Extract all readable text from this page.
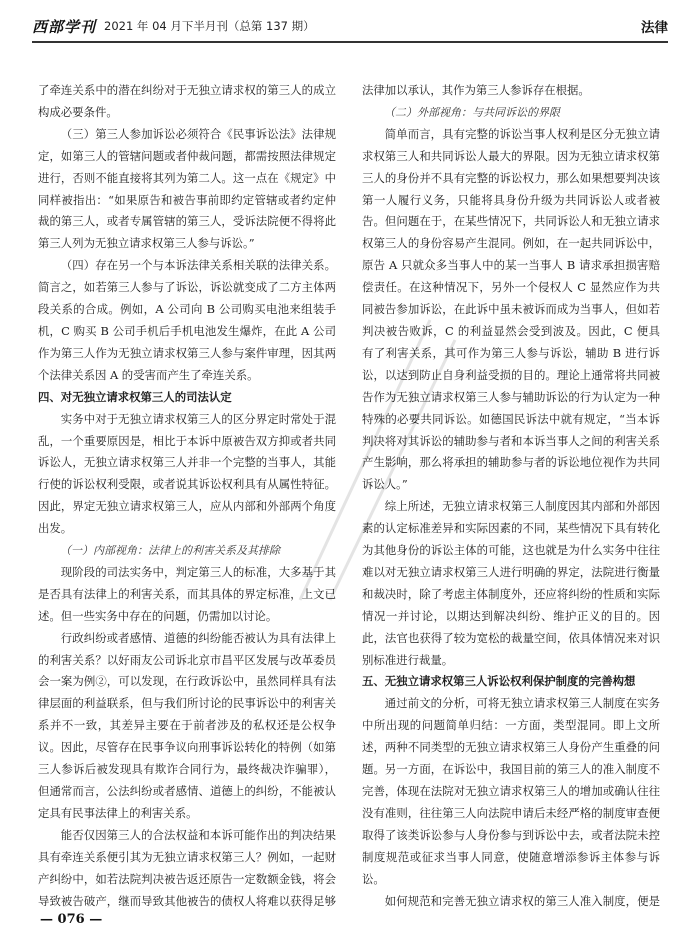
西部学刊 2021 年 04 月下半月刊（总第 137 期）	法律

了牵连关系中的潜在纠纷对于无独立请求权的第三人的成立构成必要条件。

（三）第三人参加诉讼必须符合《民事诉讼法》法律规定，如第三人的管辖问题或者仲裁问题，都需按照法律规定进行，否则不能直接将其列为第二人。这一点在《规定》中同样被指出：“如果原告和被告事前即约定管辖或者约定仲裁的第三人，或者专属管辖的第三人，受诉法院便不得将此第三人列为无独立请求权第三人参与诉讼。”

（四）存在另一个与本诉法律关系相关联的法律关系。简言之，如若第三人参与了诉讼，诉讼就变成了二方主体两段关系的合成。例如，A 公司向 B 公司购买电池来组装手机，C 购买 B 公司手机后手机电池发生爆炸，在此 A 公司作为第三人作为无独立请求权第三人参与案件审理，因其两个法律关系因 A 的受害而产生了牵连关系。

四、对无独立请求权第三人的司法认定

实务中对于无独立请求权第三人的区分界定时常处于混乱，一个重要原因是，相比于本诉中原被告双方抑或者共同诉讼人，无独立请求权第三人并非一个完整的当事人，其能行使的诉讼权利受限，或者说其诉讼权利具有从属性特征。因此，界定无独立请求权第三人，应从内部和外部两个角度出发。

（一）内部视角：法律上的利害关系及其排除

现阶段的司法实务中，判定第三人的标准，大多基于其是否具有法律上的利害关系，而其具体的界定标准，上文已述。但一些实务中存在的问题，仍需加以讨论。

行政纠纷或者感情、道德的纠纷能否被认为具有法律上的利害关系？以好雨友公司诉北京市昌平区发展与改革委员会一案为例②，可以发现，在行政诉讼中，虽然同样具有法律层面的利益联系，但与我们所讨论的民事诉讼中的利害关系并不一致，其差异主要在于前者涉及的私权还是公权争议。因此，尽管存在民事争议向刑事诉讼转化的特例（如第三人参诉后被发现具有欺诈合同行为，最终裁决诈骗罪），但通常而言，公法纠纷或者感情、道德上的纠纷，不能被认定具有民事法律上的利害关系。

能否仅因第三人的合法权益和本诉可能作出的判决结果具有牵连关系便引其为无独立请求权第三人？例如，一起财产纠纷中，如若法院判决被告返还原告一定数额金钱，将会导致被告破产，继而导致其他被告的债权人将难以获得足够

法律加以承认，其作为第三人参诉存在根据。

（二）外部视角：与共同诉讼的界限

简单而言，具有完整的诉讼当事人权利是区分无独立请求权第三人和共同诉讼人最大的界限。因为无独立请求权第三人的身份并不具有完整的诉讼权力，那么如果想要判决该第一人履行义务，只能将具身份升级为共同诉讼人或者被告。但问题在于，在某些情况下，共同诉讼人和无独立请求权第三人的身份容易产生混同。例如，在一起共同诉讼中，原告 A 只就众多当事人中的某一当事人 B 请求承担损害赔偿责任。在这种情况下，另外一个侵权人 C 显然应作为共同被告参加诉讼，在此诉中虽未被诉而成为当事人，但如若判决被告败诉，C 的利益显然会受到波及。因此，C 便具有了利害关系，其可作为第三人参与诉讼，辅助 B 进行诉讼，以达到防止自身利益受损的目的。理论上通常将共同被告作为无独立请求权第三人参与辅助诉讼的行为认定为一种特殊的必要共同诉讼。如德国民诉法中就有规定，“当本诉判决将对其诉讼的辅助参与者和本诉当事人之间的利害关系产生影响，那么将承担的辅助参与者的诉讼地位视作为共同诉讼人。”

综上所述，无独立请求权第三人制度因其内部和外部因素的认定标准差异和实际因素的不同，某些情况下具有转化为其他身份的诉讼主体的可能，这也就是为什么实务中往往难以对无独立请求权第三人进行明确的界定，法院进行衡量和裁决时，除了考虑主体制度外，还应将纠纷的性质和实际情况一并讨论，以期达到解决纠纷、维护正义的目的。因此，法官也获得了较为宽松的裁量空间，依具体情况来对识别标准进行裁量。

五、无独立请求权第三人诉讼权利保护制度的完善构想

通过前文的分析，可将无独立请求权第三人制度在实务中所出现的问题简单归结：一方面，类型混同。即上文所述，两种不同类型的无独立请求权第三人身份产生重叠的问题。另一方面，在诉讼中，我国目前的第三人的准入制度不完善，体现在法院对无独立请求权第三人的增加或确认往往没有准则，往往第三人向法院申请后未经严格的制度审查便取得了该类诉讼参与人身份参与到诉讼中去，或者法院未控制度规范或征求当事人同意，使随意增添参诉主体参与诉讼。

如何规范和完善无独立请求权的第三人准入制度，便是

— 076 —
